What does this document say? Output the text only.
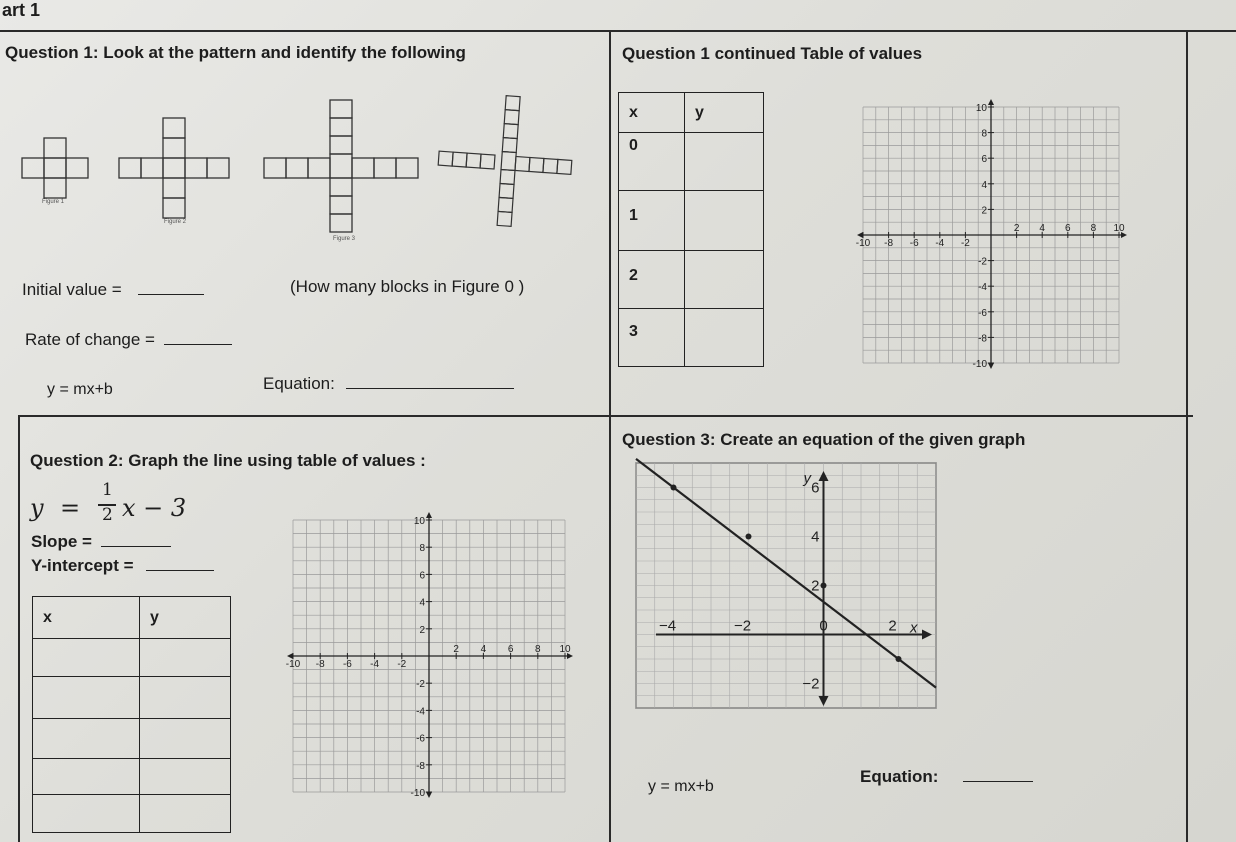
art 1
Question 1: Look at the pattern and identify the following
Figure 1
Figure 2
Figure 3
Initial value =	(How many blocks in Figure 0 )
Rate of change =
y = mx+b	Equation:
Question 1 continued Table of values
x	y
0	
1	
2	
3	
-10 -8 -6 -4 -2
2 4 6 8 10
10
8
6
4
2
-2
-4
-6
-8
-10
Question 2: Graph the line using table of values :
y =
1
2 x − 3
Slope =
Y-intercept =
x	y

-10 -8 -6 -4 -2
2 4 6 8 10
10
8
6
4
2
-2
-4
-6
-8
-10
Question 3: Create an equation of the given graph
y
x
−4	−2	0	2
6
4
2
−2
y = mx+b
Equation:
